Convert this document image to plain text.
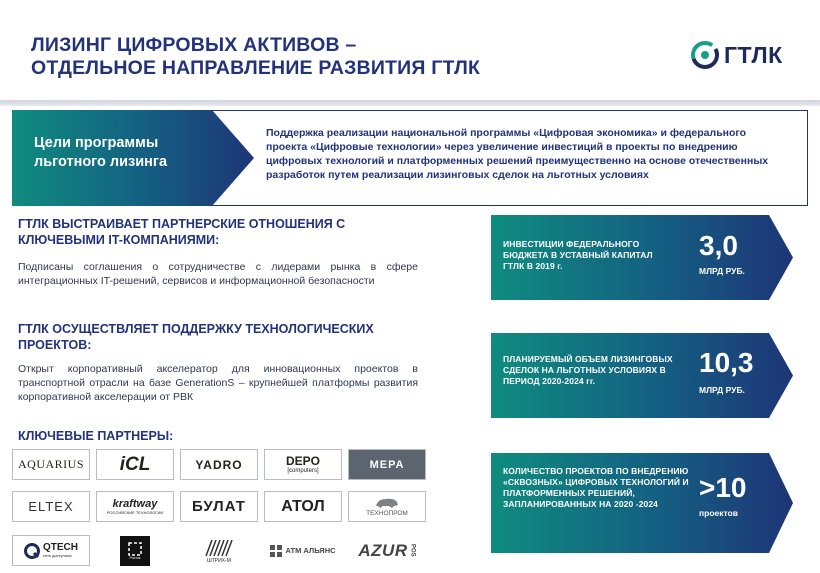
ЛИЗИНГ ЦИФРОВЫХ АКТИВОВ –
ОТДЕЛЬНОЕ НАПРАВЛЕНИЕ РАЗВИТИЯ ГТЛК
ГТЛК
Цели программы льготного лизинга
Поддержка реализации национальной программы «Цифровая экономика» и федерального проекта «Цифровые технологии» через увеличение инвестиций в проекты по внедрению цифровых технологий и платформенных решений преимущественно на основе отечественных разработок путем реализации лизинговых сделок на льготных условиях
ГТЛК ВЫСТРАИВАЕТ ПАРТНЕРСКИЕ ОТНОШЕНИЯ С
КЛЮЧЕВЫМИ IT-КОМПАНИЯМИ:
Подписаны соглашения о сотрудничестве с лидерами рынка в сфере интеграционных IT-решений, сервисов и информационной безопасности
ГТЛК ОСУЩЕСТВЛЯЕТ ПОДДЕРЖКУ ТЕХНОЛОГИЧЕСКИХ
ПРОЕКТОВ:
Открыт корпоративный акселератор для инновационных проектов в транспортной отрасли на базе GenerationS – крупнейшей платформы развития корпоративной акселерации от РВК
КЛЮЧЕВЫЕ ПАРТНЕРЫ:
AQUARIUS iCL	YADRO	DEPO
[computers]	МЕРА
ELTEX	kraftway
РОССИЙСКИЕ ТЕХНОЛОГИИ БУЛАТ АТОЛ	ТЕХНОПРОМ
QTECH
сеть доступных	Росток	ШТРИХ-М
АТМ АЛЬЯНС AZUR POS
ИНВЕСТИЦИИ ФЕДЕРАЛЬНОГО БЮДЖЕТА В УСТАВНЫЙ КАПИТАЛ ГТЛК В 2019 г.
3,0
МЛРД РУБ.
ПЛАНИРУЕМЫЙ ОБЪЕМ ЛИЗИНГОВЫХ СДЕЛОК НА ЛЬГОТНЫХ УСЛОВИЯХ В ПЕРИОД 2020-2024 гг.
10,3
МЛРД РУБ.
КОЛИЧЕСТВО ПРОЕКТОВ ПО ВНЕДРЕНИЮ «СКВОЗНЫХ» ЦИФРОВЫХ ТЕХНОЛОГИЙ И ПЛАТФОРМЕННЫХ РЕШЕНИЙ, ЗАПЛАНИРОВАННЫХ НА 2020 -2024
>10
проектов
